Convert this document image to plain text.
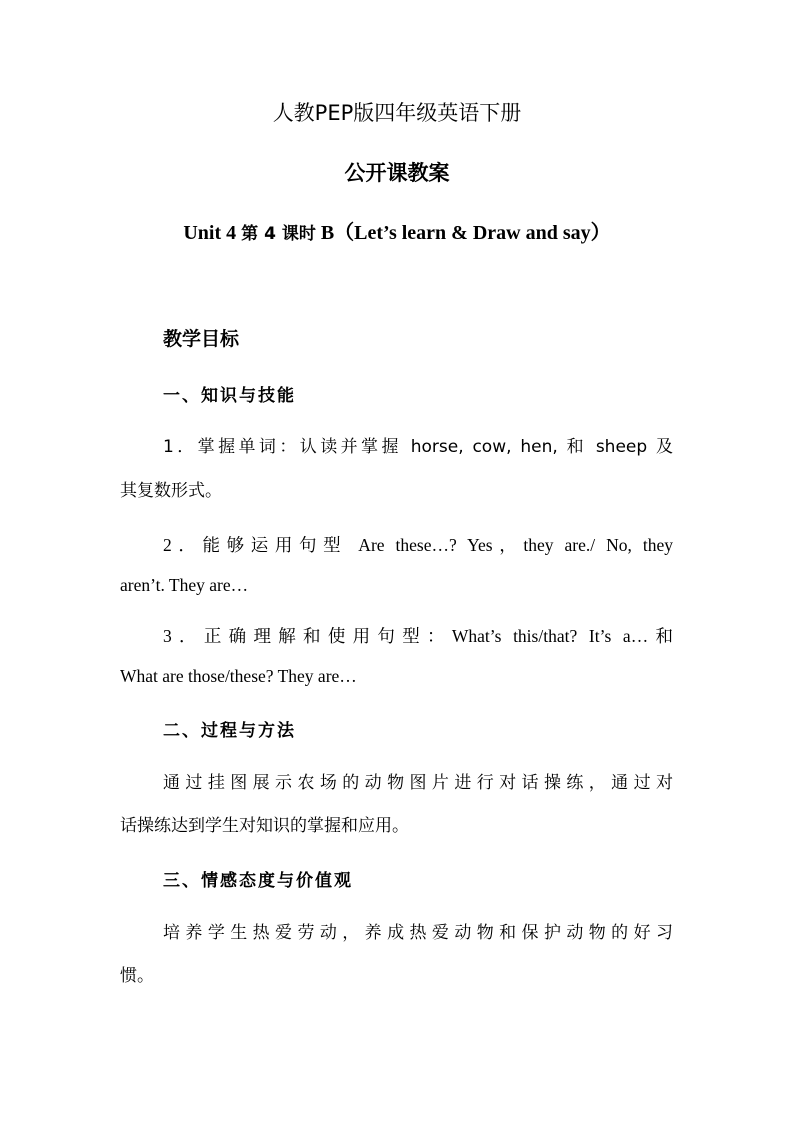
人教PEP版四年级英语下册
公开课教案
Unit 4 第 4 课时 B（Let’s learn & Draw and say）
教学目标
一、知识与技能
1．掌握单词：认读并掌握 horse, cow, hen, 和 sheep 及
其复数形式。
2．能够运用句型 Are these…? Yes，they are./ No, they
aren’t. They are…
3．正确理解和使用句型：What’s this/that? It’s a…和
What are those/these? They are…
二、过程与方法
通过挂图展示农场的动物图片进行对话操练，通过对
话操练达到学生对知识的掌握和应用。
三、情感态度与价值观
培养学生热爱劳动，养成热爱动物和保护动物的好习
惯。
